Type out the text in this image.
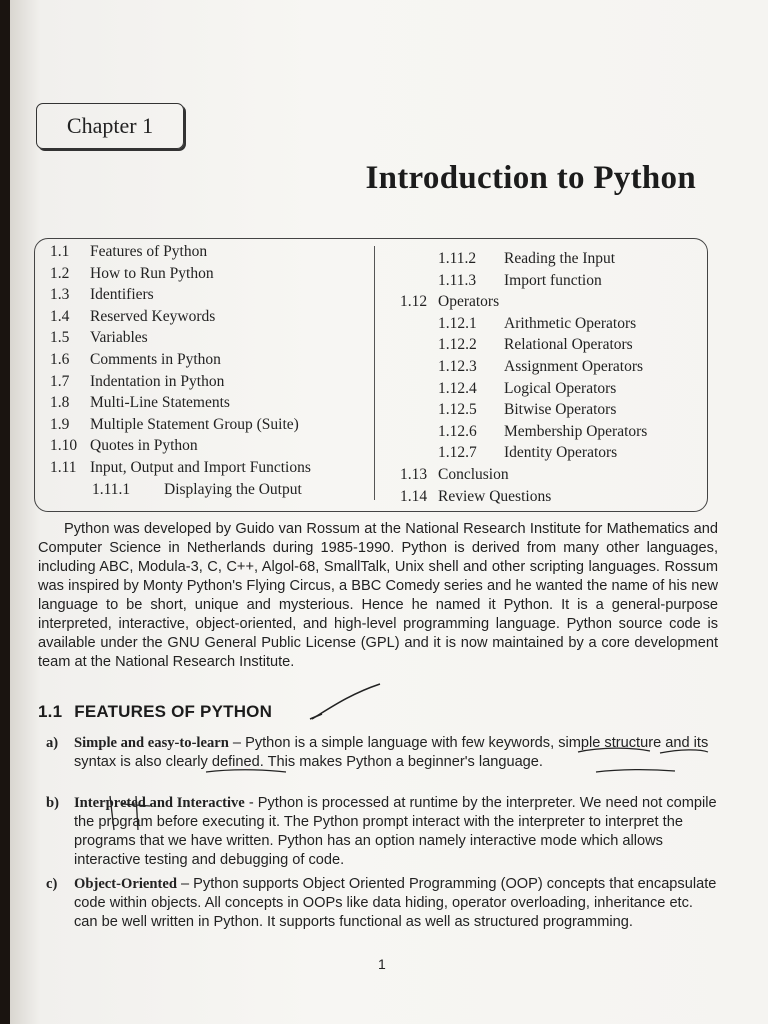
Chapter 1
Introduction to Python
1.1 Features of Python
1.2 How to Run Python
1.3 Identifiers
1.4 Reserved Keywords
1.5 Variables
1.6 Comments in Python
1.7 Indentation in Python
1.8 Multi-Line Statements
1.9 Multiple Statement Group (Suite)
1.10 Quotes in Python
1.11 Input, Output and Import Functions
1.11.1 Displaying the Output
1.11.2 Reading the Input
1.11.3 Import function
1.12 Operators
1.12.1 Arithmetic Operators
1.12.2 Relational Operators
1.12.3 Assignment Operators
1.12.4 Logical Operators
1.12.5 Bitwise Operators
1.12.6 Membership Operators
1.12.7 Identity Operators
1.13 Conclusion
1.14 Review Questions

Python was developed by Guido van Rossum at the National Research Institute for Mathematics and Computer Science in Netherlands during 1985-1990. Python is derived from many other languages, including ABC, Modula-3, C, C++, Algol-68, SmallTalk, Unix shell and other scripting languages. Rossum was inspired by Monty Python's Flying Circus, a BBC Comedy series and he wanted the name of his new language to be short, unique and mysterious. Hence he named it Python. It is a general-purpose interpreted, interactive, object-oriented, and high-level programming language. Python source code is available under the GNU General Public License (GPL) and it is now maintained by a core development team at the National Research Institute.

1.1 FEATURES OF PYTHON

a) Simple and easy-to-learn – Python is a simple language with few keywords, simple structure and its syntax is also clearly defined. This makes Python a beginner's language.

b) Interpreted and Interactive - Python is processed at runtime by the interpreter. We need not compile the program before executing it. The Python prompt interact with the interpreter to interpret the programs that we have written. Python has an option namely interactive mode which allows interactive testing and debugging of code.

c) Object-Oriented – Python supports Object Oriented Programming (OOP) concepts that encapsulate code within objects. All concepts in OOPs like data hiding, operator overloading, inheritance etc. can be well written in Python. It supports functional as well as structured programming.

1
